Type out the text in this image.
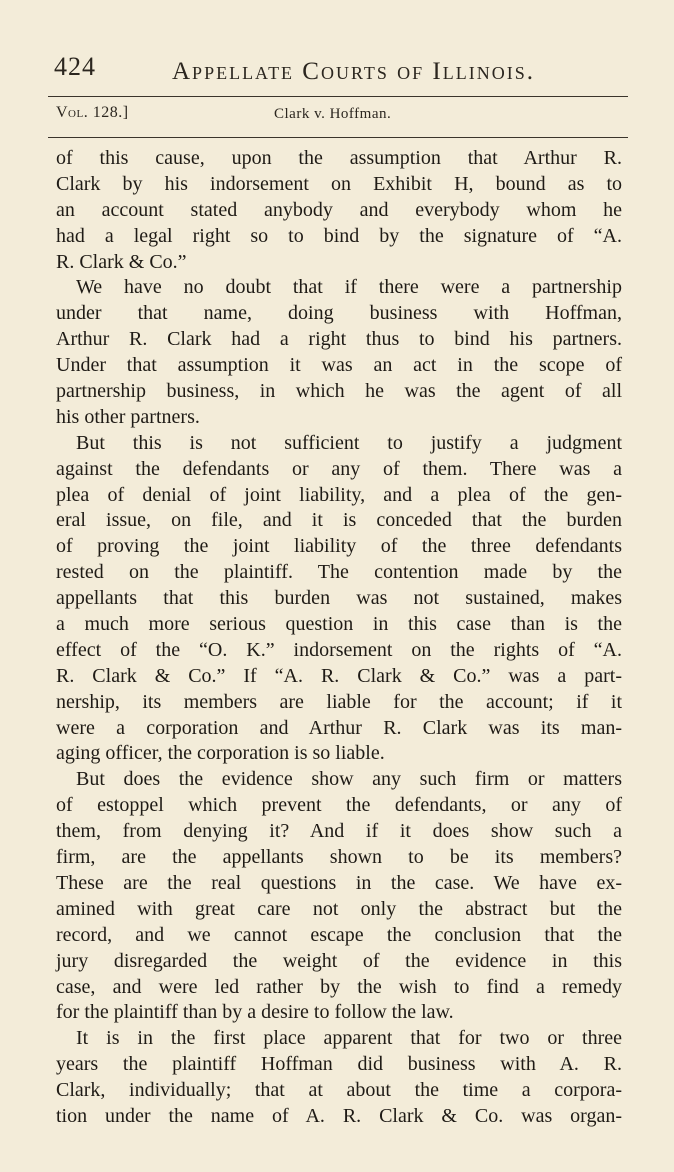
424	Appellate Courts of Illinois.
Vol. 128.]	Clark v. Hoffman.
of this cause, upon the assumption that Arthur R.
Clark by his indorsement on Exhibit H, bound as to
an account stated anybody and everybody whom he
had a legal right so to bind by the signature of “A.
R. Clark & Co.”
We have no doubt that if there were a partnership
under that name, doing business with Hoffman,
Arthur R. Clark had a right thus to bind his partners.
Under that assumption it was an act in the scope of
partnership business, in which he was the agent of all
his other partners.
But this is not sufficient to justify a judgment
against the defendants or any of them. There was a
plea of denial of joint liability, and a plea of the gen-
eral issue, on file, and it is conceded that the burden
of proving the joint liability of the three defendants
rested on the plaintiff. The contention made by the
appellants that this burden was not sustained, makes
a much more serious question in this case than is the
effect of the “O. K.” indorsement on the rights of “A.
R. Clark & Co.” If “A. R. Clark & Co.” was a part-
nership, its members are liable for the account; if it
were a corporation and Arthur R. Clark was its man-
aging officer, the corporation is so liable.
But does the evidence show any such firm or matters
of estoppel which prevent the defendants, or any of
them, from denying it? And if it does show such a
firm, are the appellants shown to be its members?
These are the real questions in the case. We have ex-
amined with great care not only the abstract but the
record, and we cannot escape the conclusion that the
jury disregarded the weight of the evidence in this
case, and were led rather by the wish to find a remedy
for the plaintiff than by a desire to follow the law.
It is in the first place apparent that for two or three
years the plaintiff Hoffman did business with A. R.
Clark, individually; that at about the time a corpora-
tion under the name of A. R. Clark & Co. was organ-
